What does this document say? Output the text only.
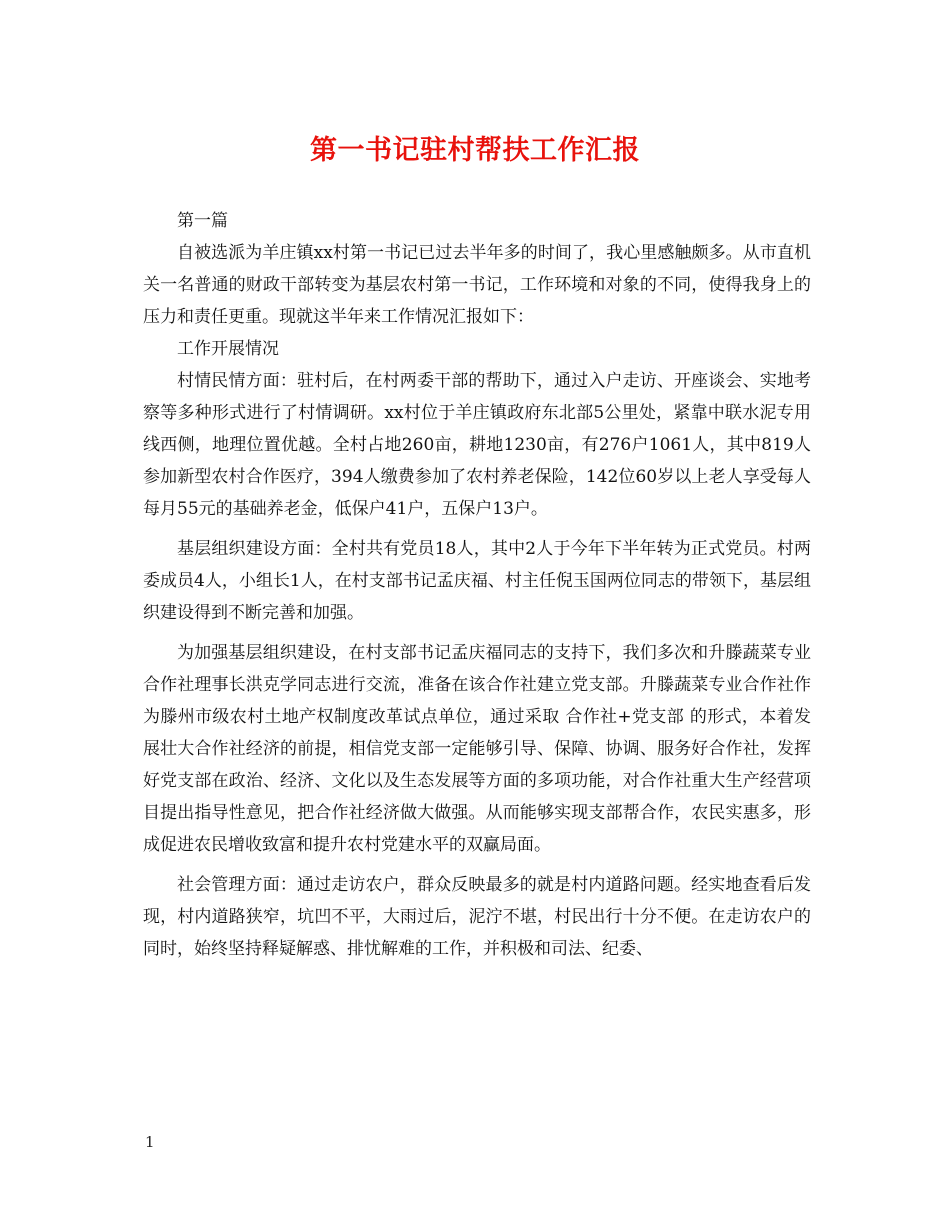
第一书记驻村帮扶工作汇报

第一篇

自被选派为羊庄镇xx村第一书记已过去半年多的时间了，我心里感触颇多。从市直机关一名普通的财政干部转变为基层农村第一书记，工作环境和对象的不同，使得我身上的压力和责任更重。现就这半年来工作情况汇报如下：

工作开展情况

村情民情方面：驻村后，在村两委干部的帮助下，通过入户走访、开座谈会、实地考察等多种形式进行了村情调研。xx村位于羊庄镇政府东北部5公里处，紧靠中联水泥专用线西侧，地理位置优越。全村占地260亩，耕地1230亩，有276户1061人，其中819人参加新型农村合作医疗，394人缴费参加了农村养老保险，142位60岁以上老人享受每人每月55元的基础养老金，低保户41户，五保户13户。

基层组织建设方面：全村共有党员18人，其中2人于今年下半年转为正式党员。村两委成员4人，小组长1人，在村支部书记孟庆福、村主任倪玉国两位同志的带领下，基层组织建设得到不断完善和加强。

为加强基层组织建设，在村支部书记孟庆福同志的支持下，我们多次和升滕蔬菜专业合作社理事长洪克学同志进行交流，准备在该合作社建立党支部。升滕蔬菜专业合作社作为滕州市级农村土地产权制度改革试点单位，通过采取 合作社+党支部 的形式，本着发展壮大合作社经济的前提，相信党支部一定能够引导、保障、协调、服务好合作社，发挥好党支部在政治、经济、文化以及生态发展等方面的多项功能，对合作社重大生产经营项目提出指导性意见，把合作社经济做大做强。从而能够实现支部帮合作，农民实惠多，形成促进农民增收致富和提升农村党建水平的双赢局面。

社会管理方面：通过走访农户，群众反映最多的就是村内道路问题。经实地查看后发现，村内道路狭窄，坑凹不平，大雨过后，泥泞不堪，村民出行十分不便。在走访农户的同时，始终坚持释疑解惑、排忧解难的工作，并积极和司法、纪委、

1
